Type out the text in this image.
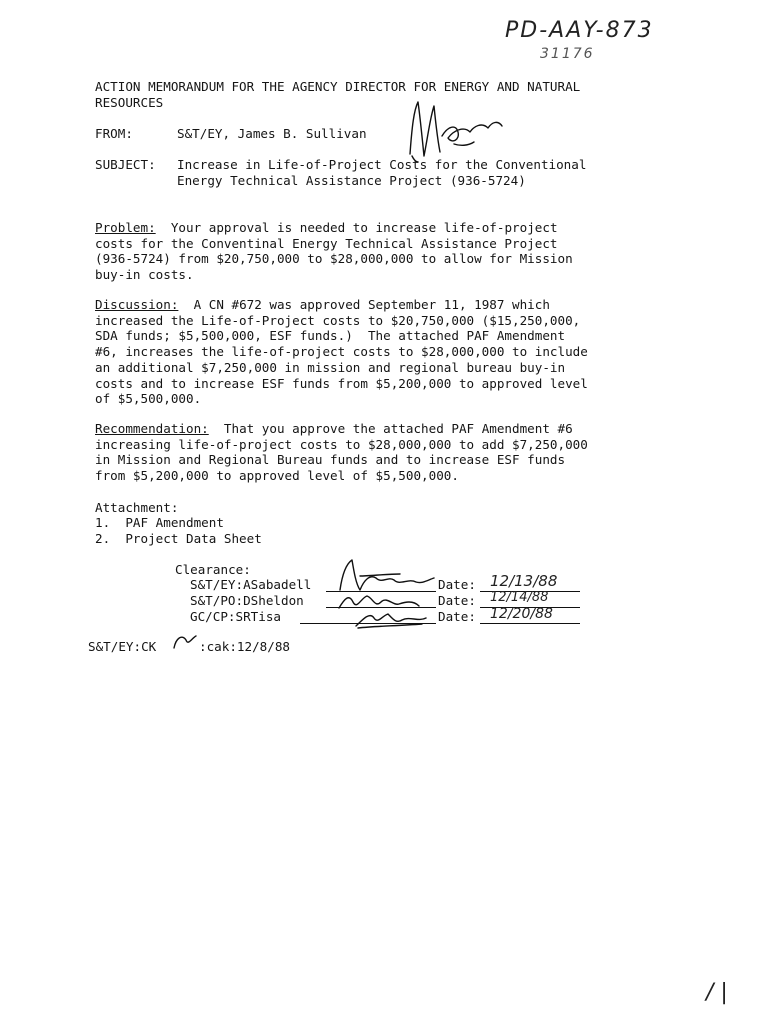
PD-AAY-873
31176
ACTION MEMORANDUM FOR THE AGENCY DIRECTOR FOR ENERGY AND NATURAL
RESOURCES
FROM:	S&T/EY, James B. Sullivan
SUBJECT: Increase in Life-of-Project Costs for the Conventional
Energy Technical Assistance Project (936-5724)
Problem:  Your approval is needed to increase life-of-project
costs for the Conventinal Energy Technical Assistance Project
(936-5724) from $20,750,000 to $28,000,000 to allow for Mission
buy-in costs.
Discussion:  A CN #672 was approved September 11, 1987 which
increased the Life-of-Project costs to $20,750,000 ($15,250,000,
SDA funds; $5,500,000, ESF funds.)  The attached PAF Amendment
#6, increases the life-of-project costs to $28,000,000 to include
an additional $7,250,000 in mission and regional bureau buy-in
costs and to increase ESF funds from $5,200,000 to approved level
of $5,500,000.
Recommendation:  That you approve the attached PAF Amendment #6
increasing life-of-project costs to $28,000,000 to add $7,250,000
in Mission and Regional Bureau funds and to increase ESF funds
from $5,200,000 to approved level of $5,500,000.
Attachment:
1.  PAF Amendment
2.  Project Data Sheet
Clearance:
S&T/EY:ASabadell	Date: 12/13/88
S&T/PO:DSheldon	Date: 12/14/88
GC/CP:SRTisa	Date: 12/20/88
S&T/EY:CK	:cak:12/8/88
/ |
